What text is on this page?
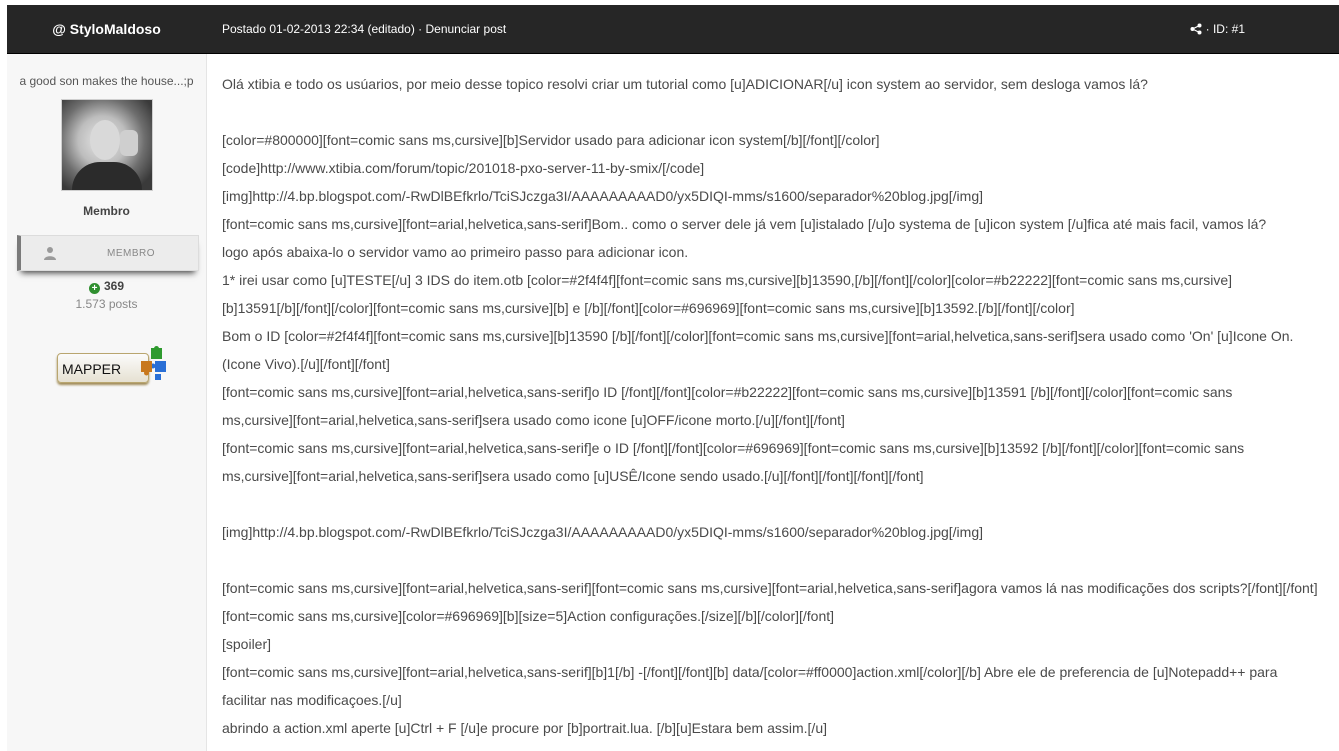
@ StyloMaldoso	Postado 01-02-2013 22:34 (editado) · Denunciar post	· ID: #1
a good son makes the house...;p
Membro
MEMBRO
+ 369
1.573 posts
MAPPER
Olá xtibia e todo os usúarios, por meio desse topico resolvi criar um tutorial como [u]ADICIONAR[/u] icon system ao servidor, sem desloga vamos lá?
[color=#800000][font=comic sans ms,cursive][b]Servidor usado para adicionar icon system[/b][/font][/color]
[code]http://www.xtibia.com/forum/topic/201018-pxo-server-11-by-smix/[/code]
[img]http://4.bp.blogspot.com/-RwDlBEfkrlo/TciSJczga3I/AAAAAAAAAD0/yx5DIQI-mms/s1600/separador%20blog.jpg[/img]
[font=comic sans ms,cursive][font=arial,helvetica,sans-serif]Bom.. como o server dele já vem [u]istalado [/u]o systema de [u]icon system [/u]fica até mais facil, vamos lá?
logo após abaixa-lo o servidor vamo ao primeiro passo para adicionar icon.
1* irei usar como [u]TESTE[/u] 3 IDS do item.otb [color=#2f4f4f][font=comic sans ms,cursive][b]13590,[/b][/font][/color][color=#b22222][font=comic sans ms,cursive]
[b]13591[/b][/font][/color][font=comic sans ms,cursive][b] e [/b][/font][color=#696969][font=comic sans ms,cursive][b]13592.[/b][/font][/color]
Bom o ID [color=#2f4f4f][font=comic sans ms,cursive][b]13590 [/b][/font][/color][font=comic sans ms,cursive][font=arial,helvetica,sans-serif]sera usado como 'On' [u]Icone On.
(Icone Vivo).[/u][/font][/font]
[font=comic sans ms,cursive][font=arial,helvetica,sans-serif]o ID [/font][/font][color=#b22222][font=comic sans ms,cursive][b]13591 [/b][/font][/color][font=comic sans
ms,cursive][font=arial,helvetica,sans-serif]sera usado como icone [u]OFF/icone morto.[/u][/font][/font]
[font=comic sans ms,cursive][font=arial,helvetica,sans-serif]e o ID [/font][/font][color=#696969][font=comic sans ms,cursive][b]13592 [/b][/font][/color][font=comic sans
ms,cursive][font=arial,helvetica,sans-serif]sera usado como [u]USÊ/Icone sendo usado.[/u][/font][/font][/font][/font]
[img]http://4.bp.blogspot.com/-RwDlBEfkrlo/TciSJczga3I/AAAAAAAAAD0/yx5DIQI-mms/s1600/separador%20blog.jpg[/img]
[font=comic sans ms,cursive][font=arial,helvetica,sans-serif][font=comic sans ms,cursive][font=arial,helvetica,sans-serif]agora vamos lá nas modificações dos scripts?[/font][/font]
[font=comic sans ms,cursive][color=#696969][b][size=5]Action configurações.[/size][/b][/color][/font]
[spoiler]
[font=comic sans ms,cursive][font=arial,helvetica,sans-serif][b]1[/b] -[/font][/font][b] data/[color=#ff0000]action.xml[/color][/b] Abre ele de preferencia de [u]Notepadd++ para
facilitar nas modificaçoes.[/u]
abrindo a action.xml aperte [u]Ctrl + F [/u]e procure por [b]portrait.lua. [/b][u]Estara bem assim.[/u]
